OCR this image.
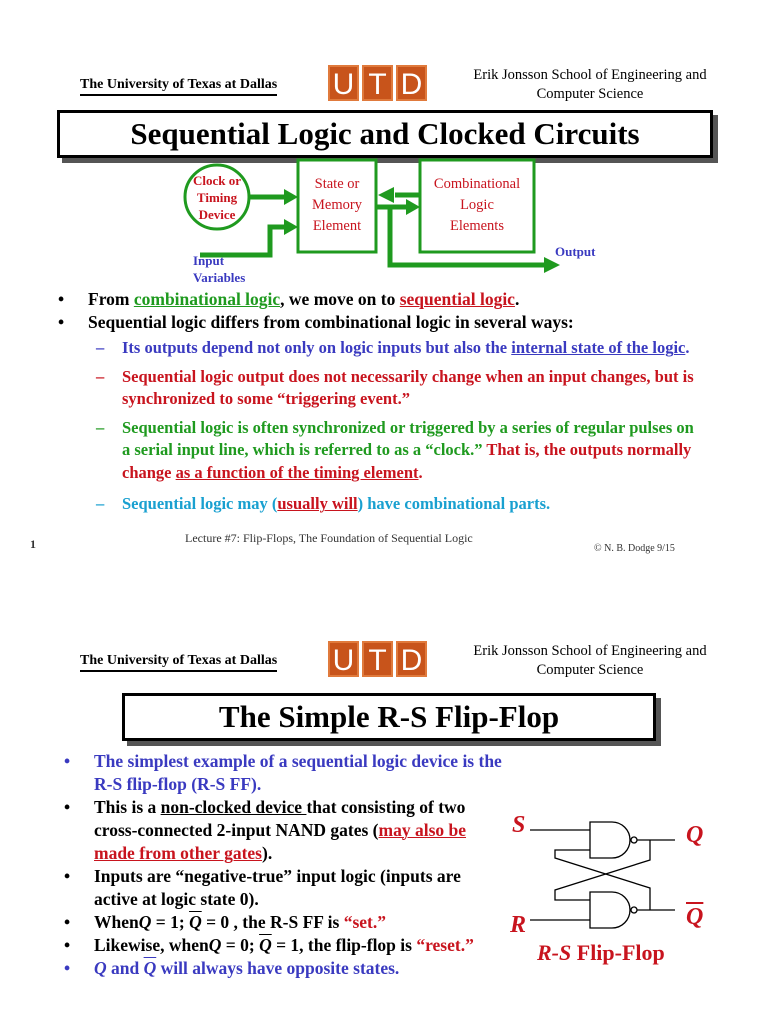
The University of Texas at Dallas U T D	Erik Jonsson School of Engineering and
Computer Science
Sequential Logic and Clocked Circuits
Clock or
Timing
Device
State or
Memory
Element
Combinational
Logic
Elements
Input
Variables
Output
• From combinational logic, we move on to sequential logic.
• Sequential logic differs from combinational logic in several ways:
– Its outputs depend not only on logic inputs but also the internal state of the logic.
– Sequential logic output does not necessarily change when an input changes, but is synchronized to some “triggering event.”
– Sequential logic is often synchronized or triggered by a series of regular pulses on a serial input line, which is referred to as a “clock.” That is, the outputs normally change as a function of the timing element.
– Sequential logic may (usually will) have combinational parts.
1	Lecture #7: Flip-Flops, The Foundation of Sequential Logic
© N. B. Dodge 9/15
The University of Texas at Dallas U T D	Erik Jonsson School of Engineering and
Computer Science
The Simple R-S Flip-Flop
• The simplest example of a sequential logic device is the R-S flip-flop (R-S FF).
• This is a non-clocked device that consisting of two cross-connected 2-input NAND gates (may also be made from other gates).
• Inputs are “negative-true” input logic (inputs are active at logic state 0).
• WhenQ = 1; $\overline{Q} = 0$ , the R-S FF is “set.”
• Likewise, whenQ = 0; $\overline{Q} = 1$, the flip-flop is “reset.”
• Q and $\overline{Q}$ will always have opposite states.
S	Q
R	$\overline{Q}$
R-S Flip-Flop
